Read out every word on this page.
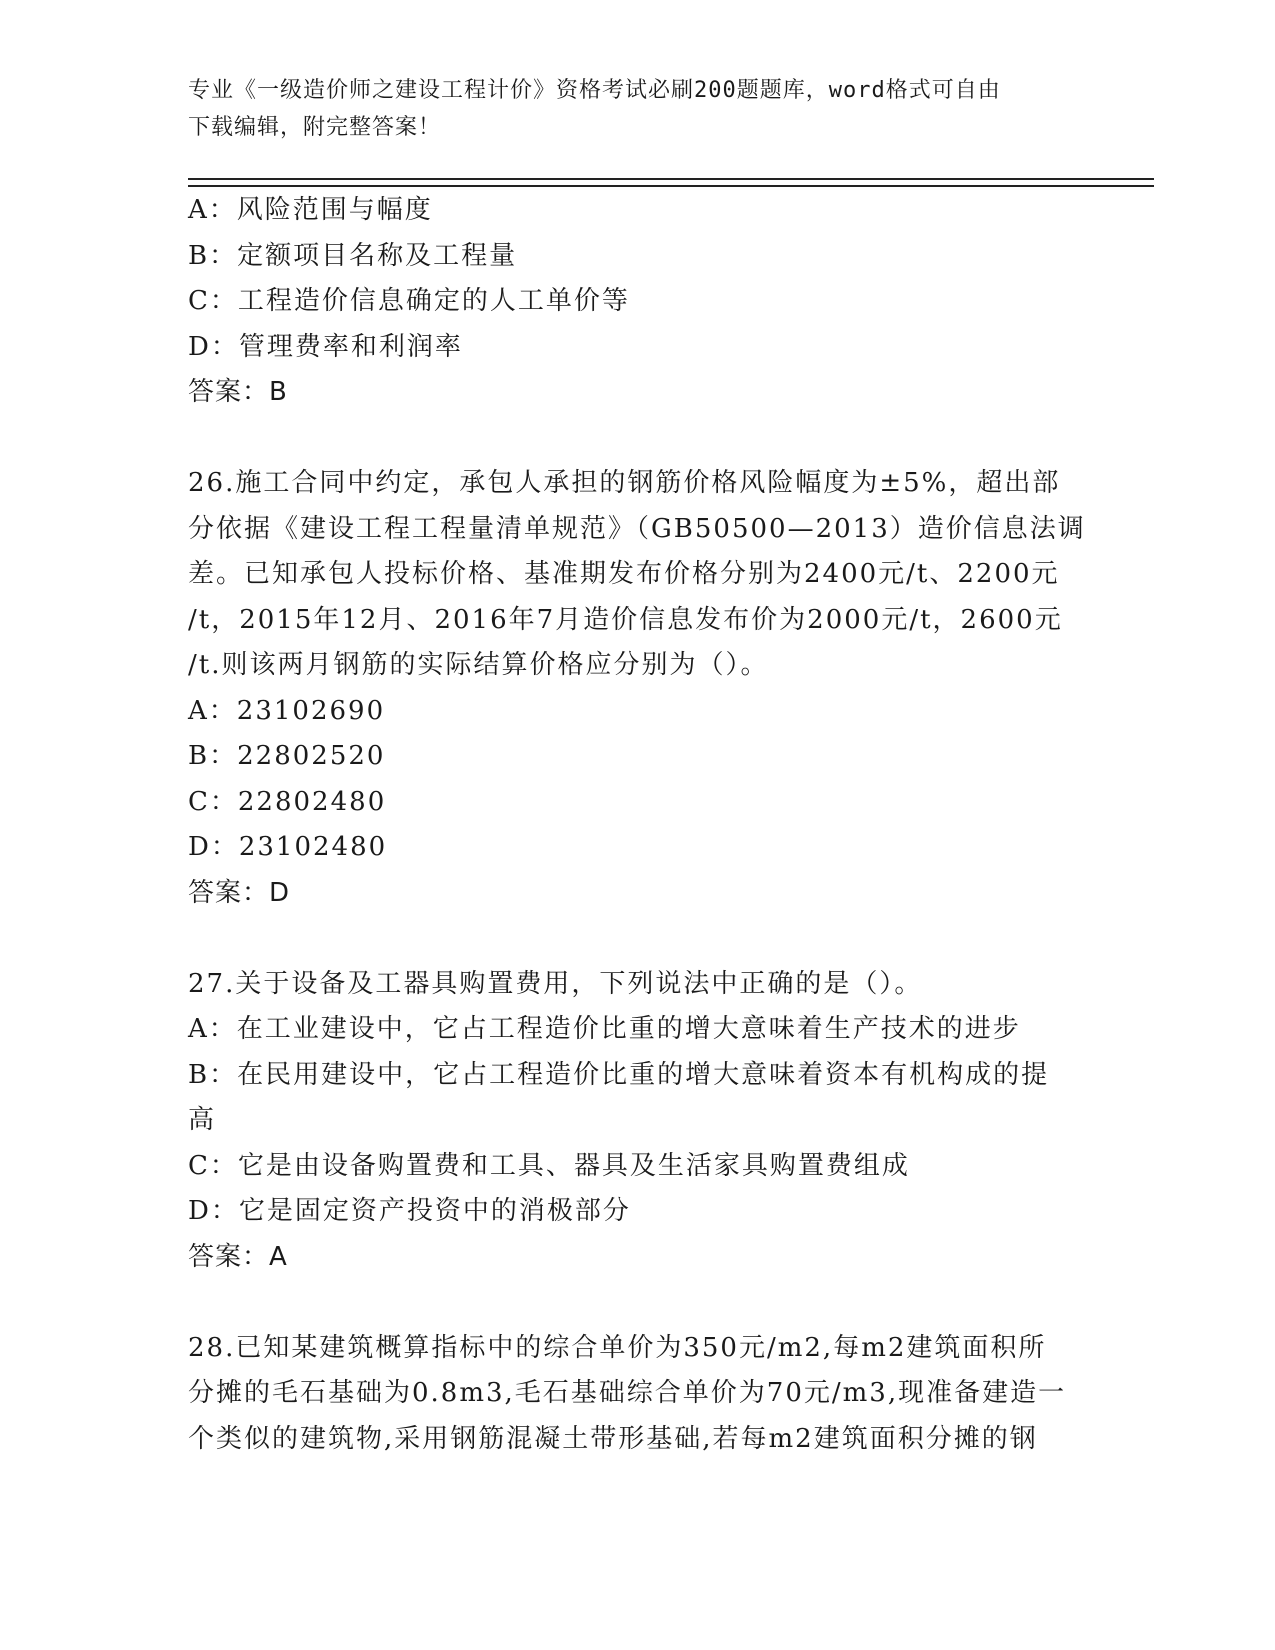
专业《一级造价师之建设工程计价》资格考试必刷200题题库，word格式可自由
下载编辑，附完整答案！
A：风险范围与幅度
B：定额项目名称及工程量
C：工程造价信息确定的人工单价等
D：管理费率和利润率
答案：B
26.施工合同中约定，承包人承担的钢筋价格风险幅度为±5%，超出部
分依据《建设工程工程量清单规范》（GB50500—2013）造价信息法调
差。已知承包人投标价格、基准期发布价格分别为2400元/t、2200元
/t，2015年12月、2016年7月造价信息发布价为2000元/t，2600元
/t.则该两月钢筋的实际结算价格应分别为（）。
A：23102690
B：22802520
C：22802480
D：23102480
答案：D
27.关于设备及工器具购置费用，下列说法中正确的是（）。
A：在工业建设中，它占工程造价比重的增大意味着生产技术的进步
B：在民用建设中，它占工程造价比重的增大意味着资本有机构成的提
高
C：它是由设备购置费和工具、器具及生活家具购置费组成
D：它是固定资产投资中的消极部分
答案：A
28.已知某建筑概算指标中的综合单价为350元/m2,每m2建筑面积所
分摊的毛石基础为0.8m3,毛石基础综合单价为70元/m3,现准备建造一
个类似的建筑物,采用钢筋混凝土带形基础,若每m2建筑面积分摊的钢
